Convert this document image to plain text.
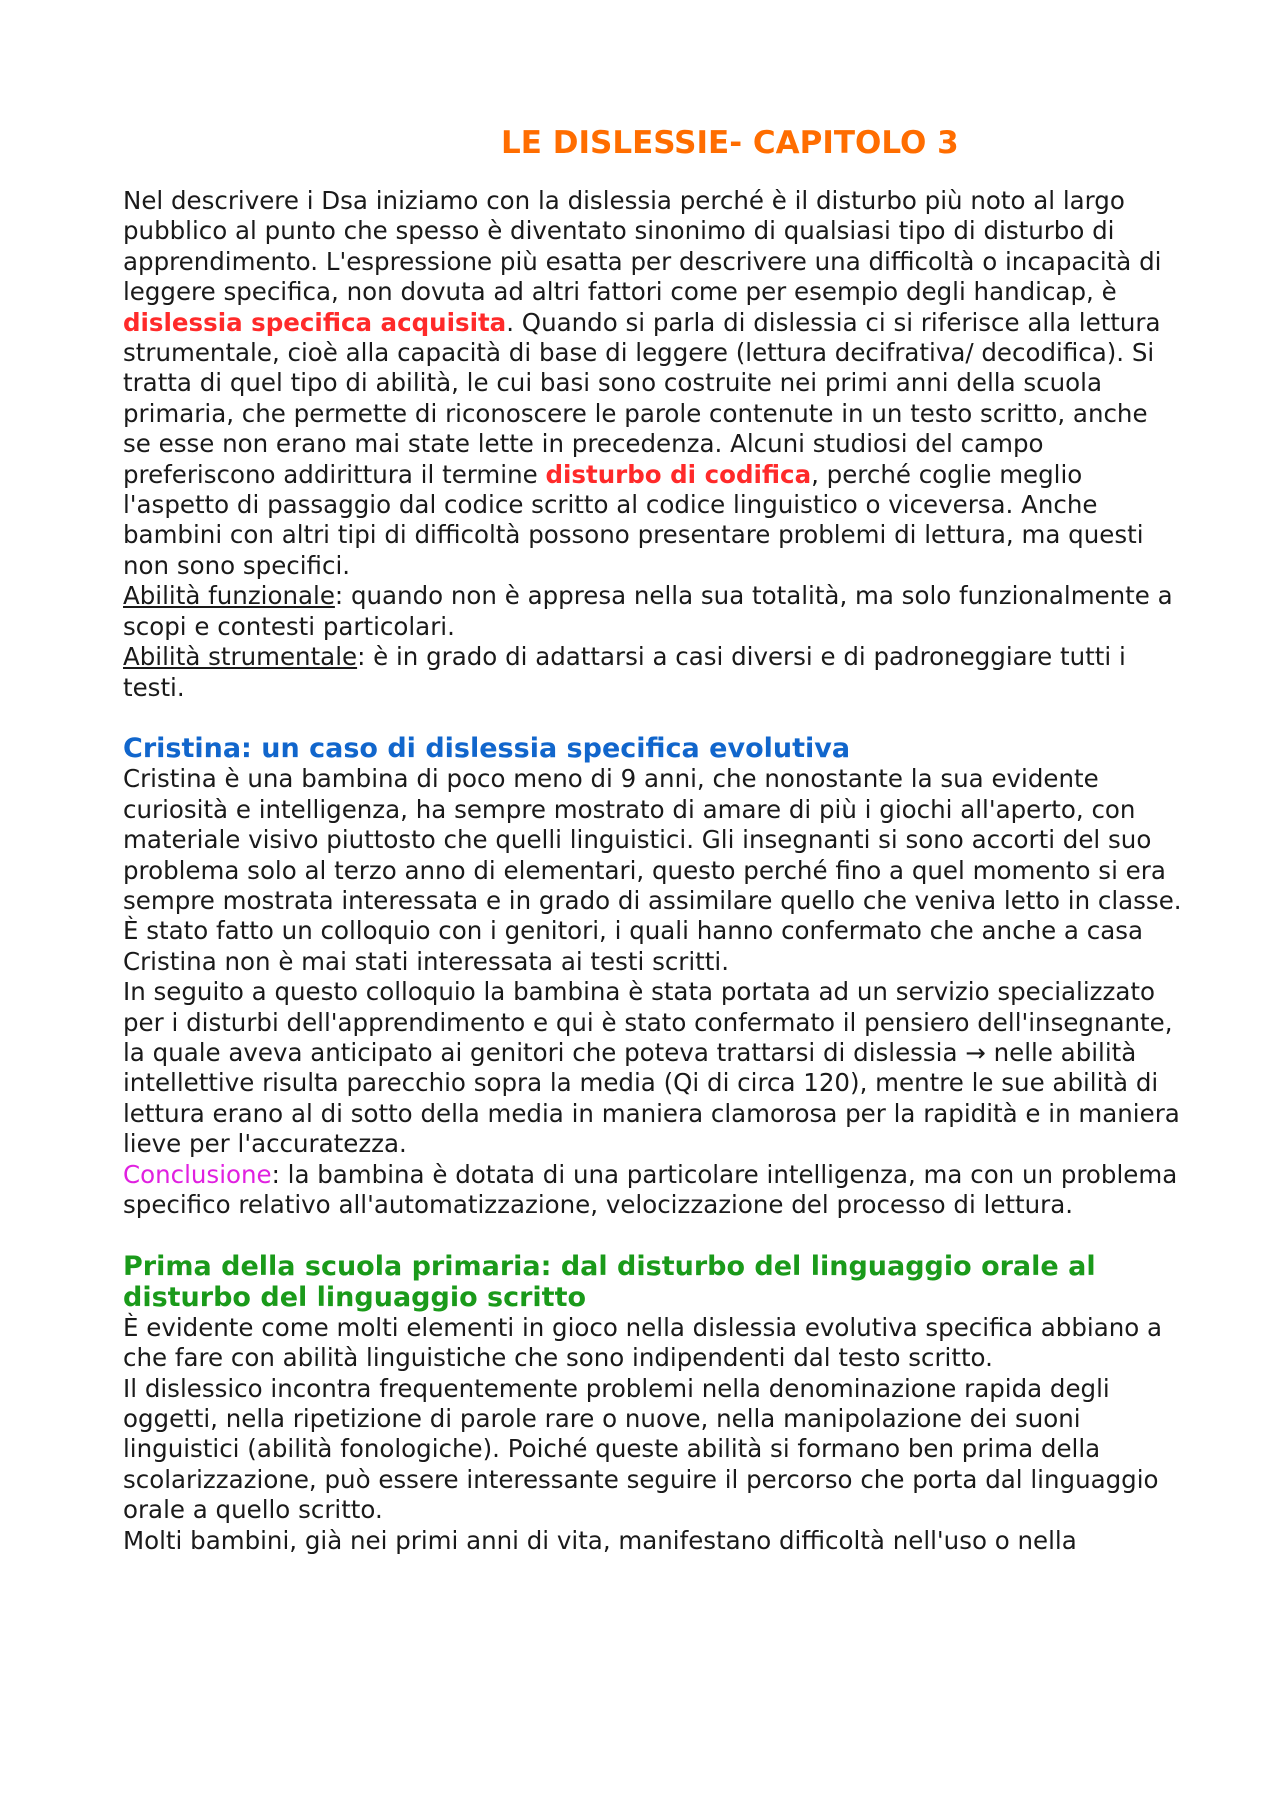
LE DISLESSIE- CAPITOLO 3

Nel descrivere i Dsa iniziamo con la dislessia perché è il disturbo più noto al largo pubblico al punto che spesso è diventato sinonimo di qualsiasi tipo di disturbo di apprendimento. L'espressione più esatta per descrivere una difficoltà o incapacità di leggere specifica, non dovuta ad altri fattori come per esempio degli handicap, è dislessia specifica acquisita. Quando si parla di dislessia ci si riferisce alla lettura strumentale, cioè alla capacità di base di leggere (lettura decifrativa/ decodifica). Si tratta di quel tipo di abilità, le cui basi sono costruite nei primi anni della scuola primaria, che permette di riconoscere le parole contenute in un testo scritto, anche se esse non erano mai state lette in precedenza. Alcuni studiosi del campo preferiscono addirittura il termine disturbo di codifica, perché coglie meglio l'aspetto di passaggio dal codice scritto al codice linguistico o viceversa. Anche bambini con altri tipi di difficoltà possono presentare problemi di lettura, ma questi non sono specifici.

Abilità funzionale: quando non è appresa nella sua totalità, ma solo funzionalmente a scopi e contesti particolari.

Abilità strumentale: è in grado di adattarsi a casi diversi e di padroneggiare tutti i testi.

Cristina: un caso di dislessia specifica evolutiva

Cristina è una bambina di poco meno di 9 anni, che nonostante la sua evidente curiosità e intelligenza, ha sempre mostrato di amare di più i giochi all'aperto, con materiale visivo piuttosto che quelli linguistici. Gli insegnanti si sono accorti del suo problema solo al terzo anno di elementari, questo perché fino a quel momento si era sempre mostrata interessata e in grado di assimilare quello che veniva letto in classe.

È stato fatto un colloquio con i genitori, i quali hanno confermato che anche a casa Cristina non è mai stati interessata ai testi scritti.

In seguito a questo colloquio la bambina è stata portata ad un servizio specializzato per i disturbi dell'apprendimento e qui è stato confermato il pensiero dell'insegnante, la quale aveva anticipato ai genitori che poteva trattarsi di dislessia → nelle abilità intellettive risulta parecchio sopra la media (Qi di circa 120), mentre le sue abilità di lettura erano al di sotto della media in maniera clamorosa per la rapidità e in maniera lieve per l'accuratezza.

Conclusione: la bambina è dotata di una particolare intelligenza, ma con un problema specifico relativo all'automatizzazione, velocizzazione del processo di lettura.

Prima della scuola primaria: dal disturbo del linguaggio orale al disturbo del linguaggio scritto

È evidente come molti elementi in gioco nella dislessia evolutiva specifica abbiano a che fare con abilità linguistiche che sono indipendenti dal testo scritto.

Il dislessico incontra frequentemente problemi nella denominazione rapida degli oggetti, nella ripetizione di parole rare o nuove, nella manipolazione dei suoni linguistici (abilità fonologiche). Poiché queste abilità si formano ben prima della scolarizzazione, può essere interessante seguire il percorso che porta dal linguaggio orale a quello scritto.

Molti bambini, già nei primi anni di vita, manifestano difficoltà nell'uso o nella
